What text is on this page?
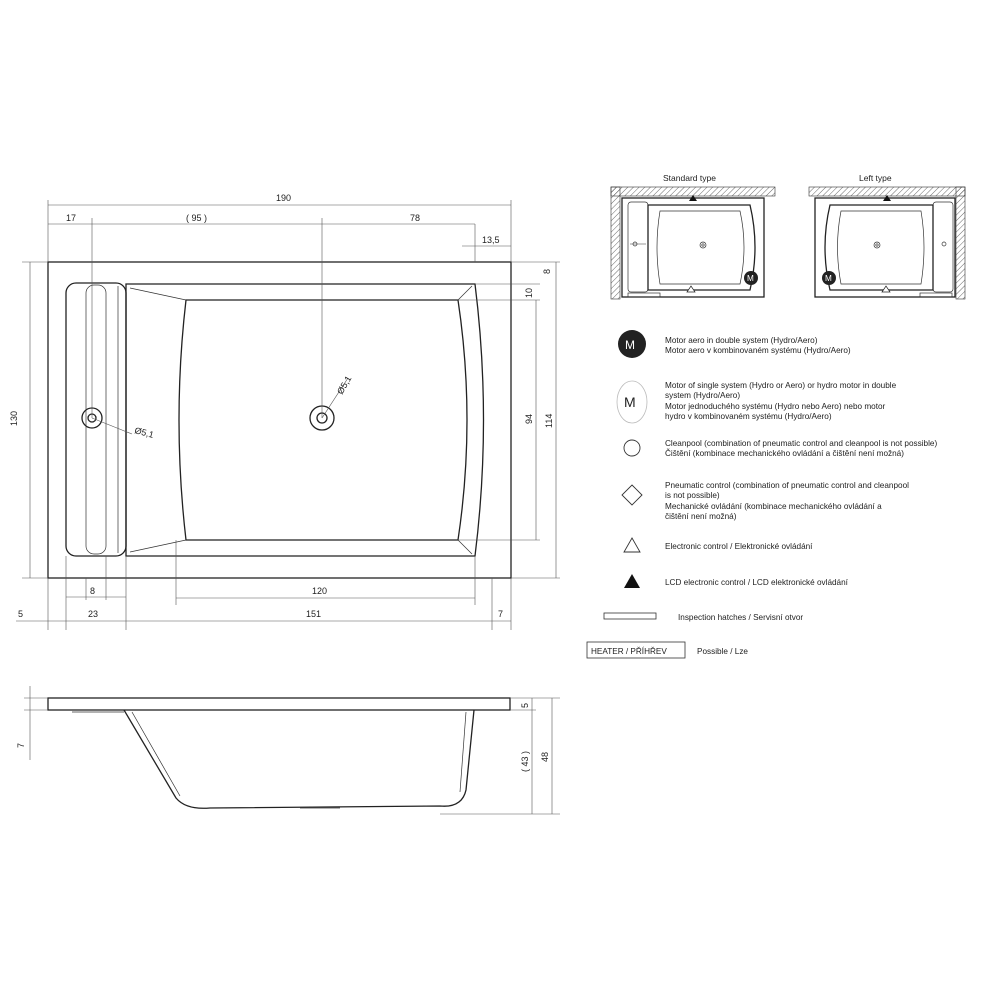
Ø5,1
Ø5,1
190
17	( 95 )	78
13,5
114
8
10
94
130
8	120
5	23	151	7
7
5
( 43 ) 48
Standard type
M
Left type
M
M	Motor aero in double system (Hydro/Aero)
Motor aero v kombinovaném systému (Hydro/Aero)
M
Motor of single system (Hydro or Aero) or hydro motor in double
system (Hydro/Aero)
Motor jednoduchého systému (Hydro nebo Aero) nebo motor
hydro v kombinovaném systému (Hydro/Aero)
Cleanpool (combination of pneumatic control and cleanpool is not possible)
Čištění (kombinace mechanického ovládání a čištění není možná)
Pneumatic control (combination of pneumatic control and cleanpool
is not possible)
Mechanické ovládání (kombinace mechanického ovládání a
čištění není možná)
Electronic control / Elektronické ovládání
LCD electronic control / LCD elektronické ovládání
Inspection hatches / Servisní otvor
HEATER / PŘÍHŘEV	Possible / Lze
